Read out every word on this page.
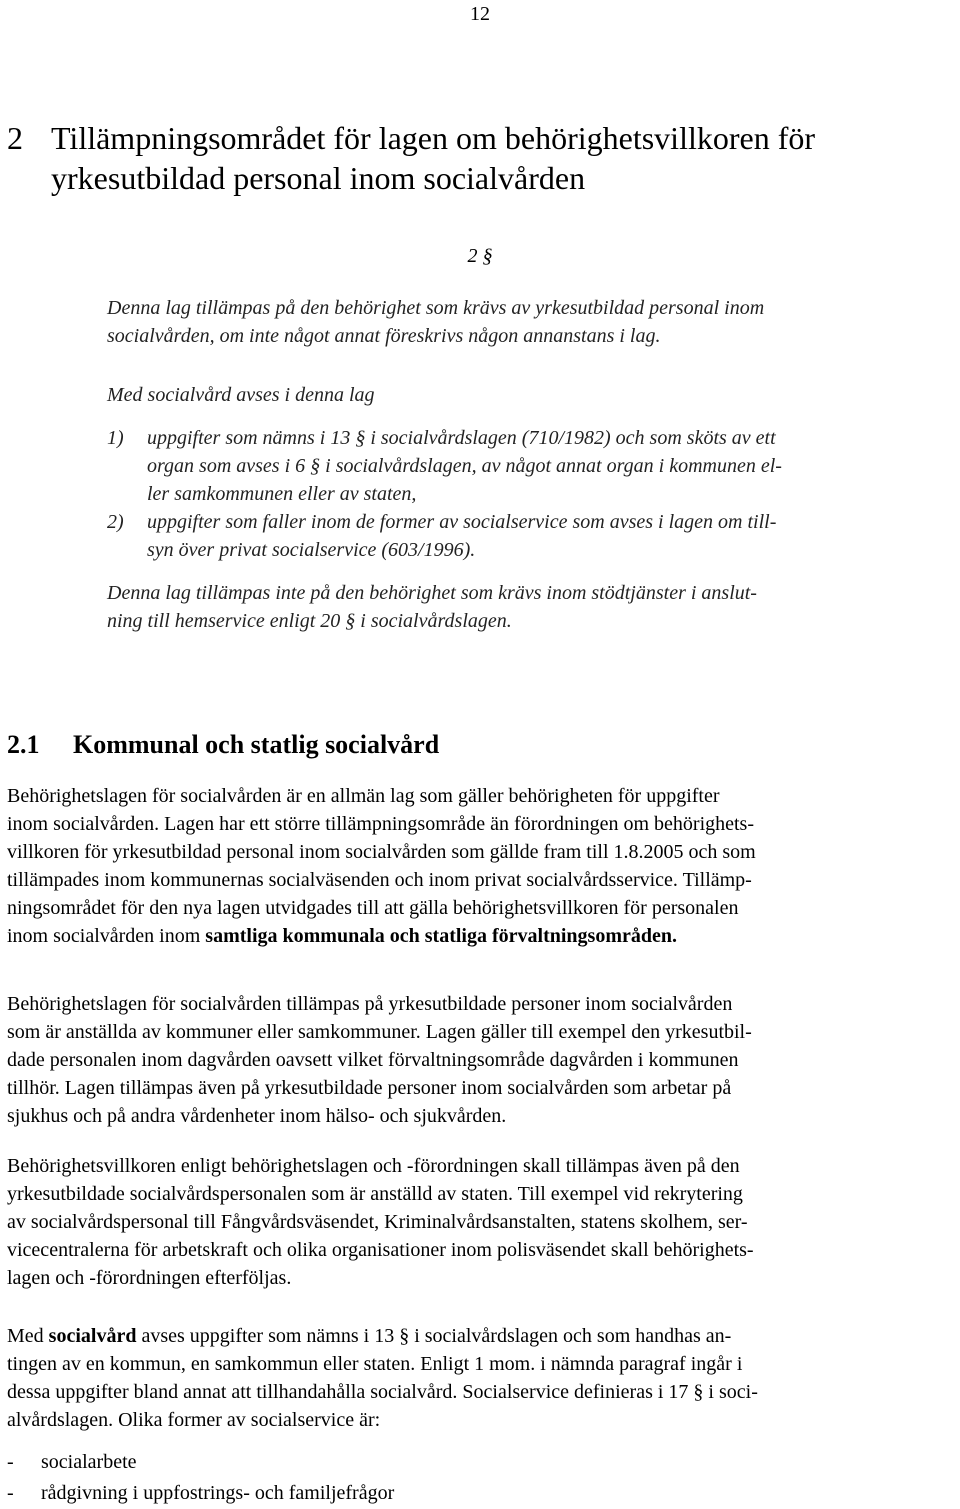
12
2 Tillämpningsområdet för lagen om behörighetsvillkoren för
yrkesutbildad personal inom socialvården
2 §
Denna lag tillämpas på den behörighet som krävs av yrkesutbildad personal inom
socialvården, om inte något annat föreskrivs någon annanstans i lag.
Med socialvård avses i denna lag
1) uppgifter som nämns i 13 § i socialvårdslagen (710/1982) och som sköts av ett
organ som avses i 6 § i socialvårdslagen, av något annat organ i kommunen el-
ler samkommunen eller av staten,
2) uppgifter som faller inom de former av socialservice som avses i lagen om till-
syn över privat socialservice (603/1996).
Denna lag tillämpas inte på den behörighet som krävs inom stödtjänster i anslut-
ning till hemservice enligt 20 § i socialvårdslagen.
2.1 Kommunal och statlig socialvård
Behörighetslagen för socialvården är en allmän lag som gäller behörigheten för uppgifter
inom socialvården. Lagen har ett större tillämpningsområde än förordningen om behörighets-
villkoren för yrkesutbildad personal inom socialvården som gällde fram till 1.8.2005 och som
tillämpades inom kommunernas socialväsenden och inom privat socialvårdsservice. Tillämp-
ningsområdet för den nya lagen utvidgades till att gälla behörighetsvillkoren för personalen
inom socialvården inom samtliga kommunala och statliga förvaltningsområden.
Behörighetslagen för socialvården tillämpas på yrkesutbildade personer inom socialvården
som är anställda av kommuner eller samkommuner. Lagen gäller till exempel den yrkesutbil-
dade personalen inom dagvården oavsett vilket förvaltningsområde dagvården i kommunen
tillhör. Lagen tillämpas även på yrkesutbildade personer inom socialvården som arbetar på
sjukhus och på andra vårdenheter inom hälso- och sjukvården.
Behörighetsvillkoren enligt behörighetslagen och -förordningen skall tillämpas även på den
yrkesutbildade socialvårdspersonalen som är anställd av staten. Till exempel vid rekrytering
av socialvårdspersonal till Fångvårdsväsendet, Kriminalvårdsanstalten, statens skolhem, ser-
vicecentralerna för arbetskraft och olika organisationer inom polisväsendet skall behörighets-
lagen och -förordningen efterföljas.
Med socialvård avses uppgifter som nämns i 13 § i socialvårdslagen och som handhas an-
tingen av en kommun, en samkommun eller staten. Enligt 1 mom. i nämnda paragraf ingår i
dessa uppgifter bland annat att tillhandahålla socialvård. Socialservice definieras i 17 § i soci-
alvårdslagen. Olika former av socialservice är:
- socialarbete
- rådgivning i uppfostrings- och familjefrågor
